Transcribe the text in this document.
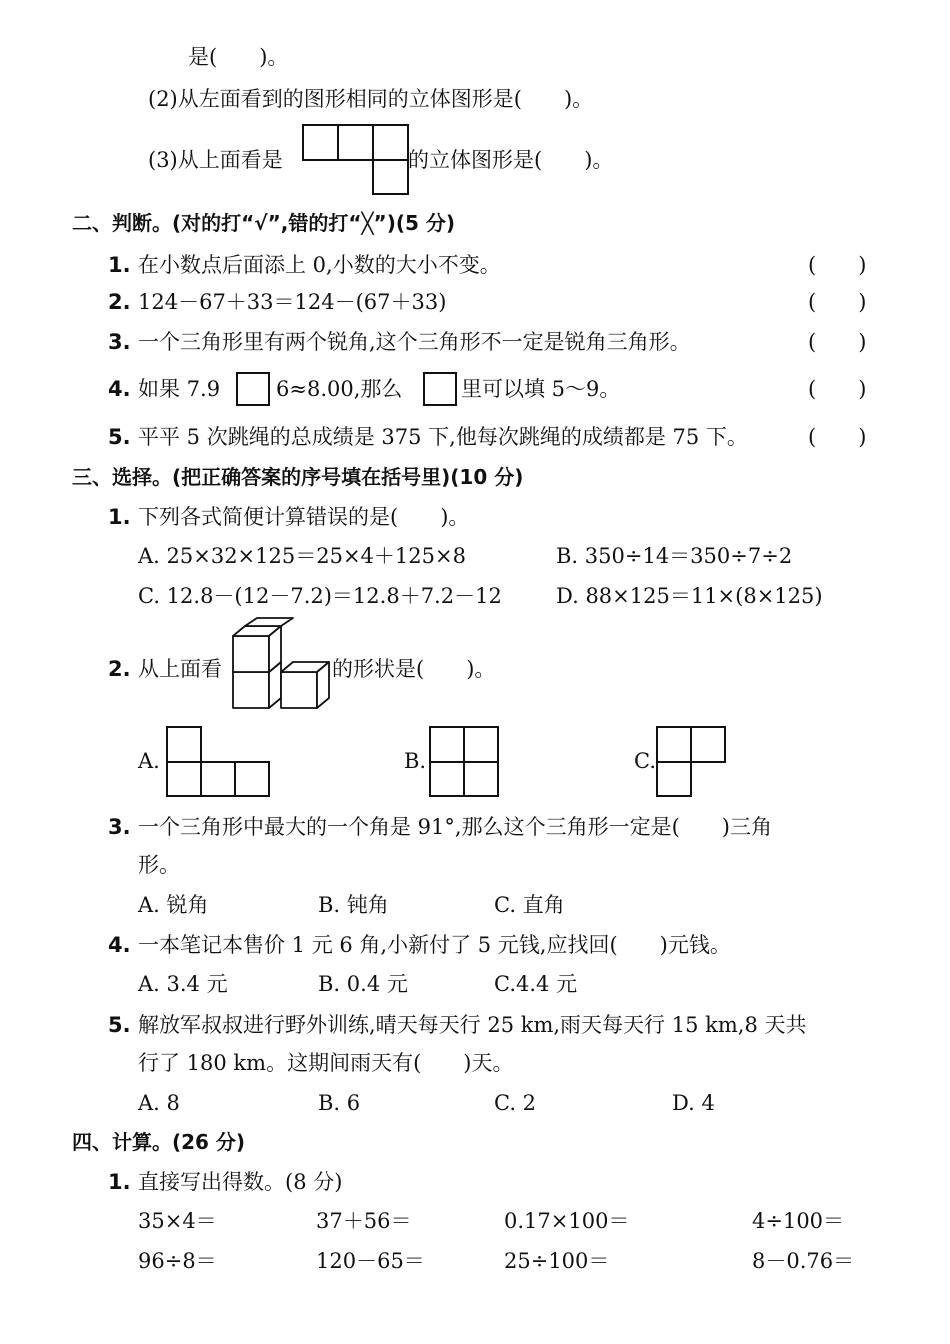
是(　　)。
(2)从左面看到的图形相同的立体图形是(　　)。
(3)从上面看是	的立体图形是(　　)。
二、判断。(对的打“√”,错的打“╳”)(5 分)
1. 在小数点后面添上 0,小数的大小不变。	(　　)
2. 124－67＋33＝124－(67＋33)	(　　)
3. 一个三角形里有两个锐角,这个三角形不一定是锐角三角形。	(　　)
4. 如果 7.9	6≈8.00,那么	里可以填 5～9。	(　　)
5. 平平 5 次跳绳的总成绩是 375 下,他每次跳绳的成绩都是 75 下。	(　　)
三、选择。(把正确答案的序号填在括号里)(10 分)
1. 下列各式简便计算错误的是(　　)。
A. 25×32×125＝25×4＋125×8	B. 350÷14＝350÷7÷2
C. 12.8－(12－7.2)＝12.8＋7.2－12	D. 88×125＝11×(8×125)
2. 从上面看	的形状是(　　)。
A.	B.	C.
3. 一个三角形中最大的一个角是 91°,那么这个三角形一定是(　　)三角
形。
A. 锐角	B. 钝角	C. 直角
4. 一本笔记本售价 1 元 6 角,小新付了 5 元钱,应找回(　　)元钱。
A. 3.4 元	B. 0.4 元	C.4.4 元
5. 解放军叔叔进行野外训练,晴天每天行 25 km,雨天每天行 15 km,8 天共
行了 180 km。这期间雨天有(　　)天。
A. 8	B. 6	C. 2	D. 4
四、计算。(26 分)
1. 直接写出得数。(8 分)
35×4＝	37＋56＝	0.17×100＝	4÷100＝
96÷8＝	120－65＝	25÷100＝	8－0.76＝
